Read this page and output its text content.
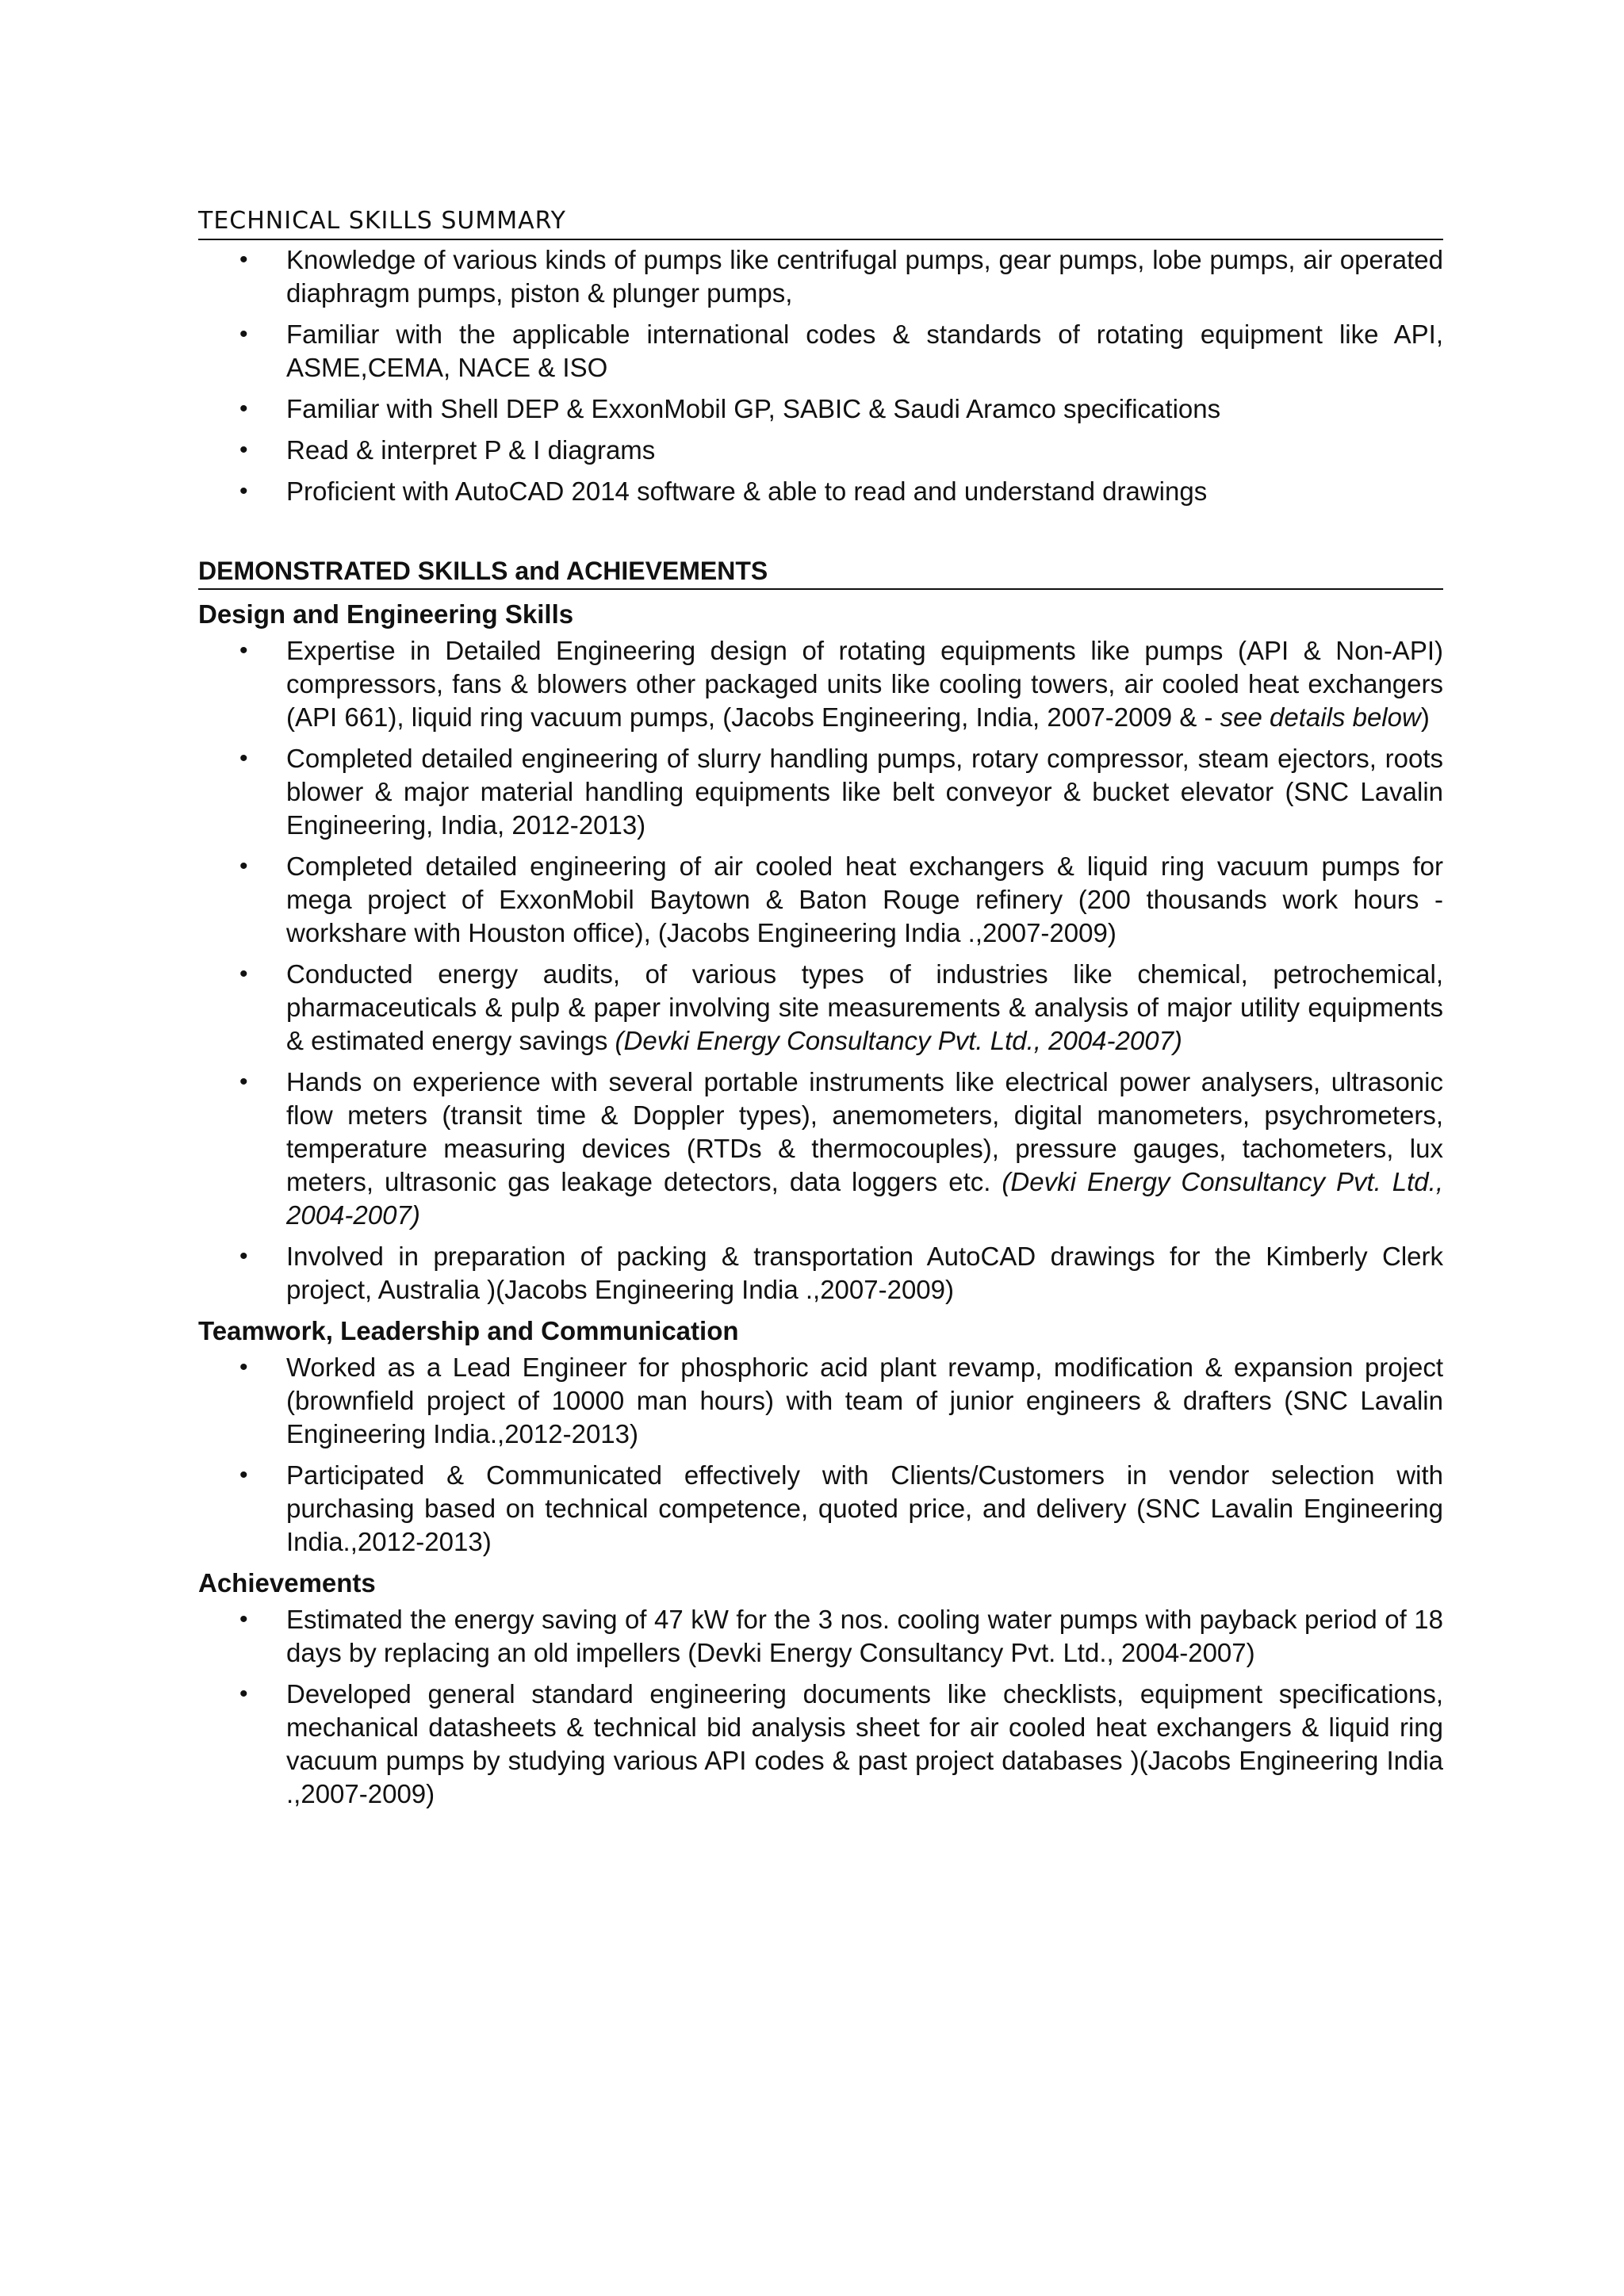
TECHNICAL SKILLS SUMMARY
• Knowledge of various kinds of pumps like centrifugal pumps, gear pumps, lobe pumps, air operated diaphragm pumps, piston & plunger pumps,
• Familiar with the applicable international codes & standards of rotating equipment like API, ASME,CEMA, NACE & ISO
• Familiar with Shell DEP & ExxonMobil GP, SABIC & Saudi Aramco specifications
• Read & interpret P & I diagrams
• Proficient with AutoCAD 2014 software & able to read and understand drawings
DEMONSTRATED SKILLS and ACHIEVEMENTS
Design and Engineering Skills
• Expertise in Detailed Engineering design of rotating equipments like pumps (API & Non-API) compressors, fans & blowers other packaged units like cooling towers, air cooled heat exchangers (API 661), liquid ring vacuum pumps, (Jacobs Engineering, India, 2007-2009 & - see details below)
• Completed detailed engineering of slurry handling pumps, rotary compressor, steam ejectors, roots blower & major material handling equipments like belt conveyor & bucket elevator (SNC Lavalin Engineering, India, 2012-2013)
• Completed detailed engineering of air cooled heat exchangers & liquid ring vacuum pumps for mega project of ExxonMobil Baytown & Baton Rouge refinery (200 thousands work hours - workshare with Houston office), (Jacobs Engineering India .,2007-2009)
• Conducted energy audits, of various types of industries like chemical, petrochemical, pharmaceuticals & pulp & paper involving site measurements & analysis of major utility equipments & estimated energy savings (Devki Energy Consultancy Pvt. Ltd., 2004-2007)
• Hands on experience with several portable instruments like electrical power analysers, ultrasonic flow meters (transit time & Doppler types), anemometers, digital manometers, psychrometers, temperature measuring devices (RTDs & thermocouples), pressure gauges, tachometers, lux meters, ultrasonic gas leakage detectors, data loggers etc. (Devki Energy Consultancy Pvt. Ltd., 2004-2007)
• Involved in preparation of packing & transportation AutoCAD drawings for the Kimberly Clerk project, Australia )(Jacobs Engineering India .,2007-2009)
Teamwork, Leadership and Communication
• Worked as a Lead Engineer for phosphoric acid plant revamp, modification & expansion project (brownfield project of 10000 man hours) with team of junior engineers & drafters (SNC Lavalin Engineering India.,2012-2013)
• Participated & Communicated effectively with Clients/Customers in vendor selection with purchasing based on technical competence, quoted price, and delivery (SNC Lavalin Engineering India.,2012-2013)
Achievements
• Estimated the energy saving of 47 kW for the 3 nos. cooling water pumps with payback period of 18 days by replacing an old impellers (Devki Energy Consultancy Pvt. Ltd., 2004-2007)
• Developed general standard engineering documents like checklists, equipment specifications, mechanical datasheets & technical bid analysis sheet for air cooled heat exchangers & liquid ring vacuum pumps by studying various API codes & past project databases )(Jacobs Engineering India .,2007-2009)
